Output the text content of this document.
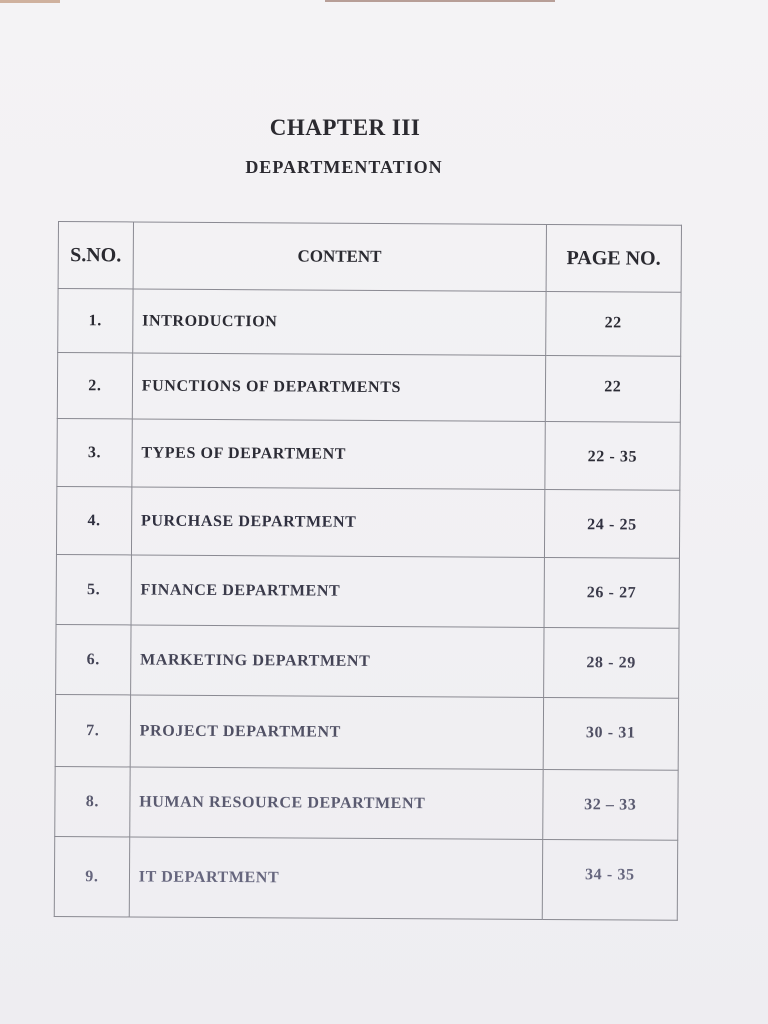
CHAPTER III
DEPARTMENTATION
S.NO.	CONTENT	PAGE NO.
1.	INTRODUCTION	22
2.	FUNCTIONS OF DEPARTMENTS	22
3.	TYPES OF DEPARTMENT	22 - 35
4.	PURCHASE DEPARTMENT	24 - 25
5.	FINANCE DEPARTMENT	26 - 27
6.	MARKETING DEPARTMENT	28 - 29
7.	PROJECT DEPARTMENT	30 - 31
8.	HUMAN RESOURCE DEPARTMENT	32 – 33
9.	IT DEPARTMENT	34 - 35
